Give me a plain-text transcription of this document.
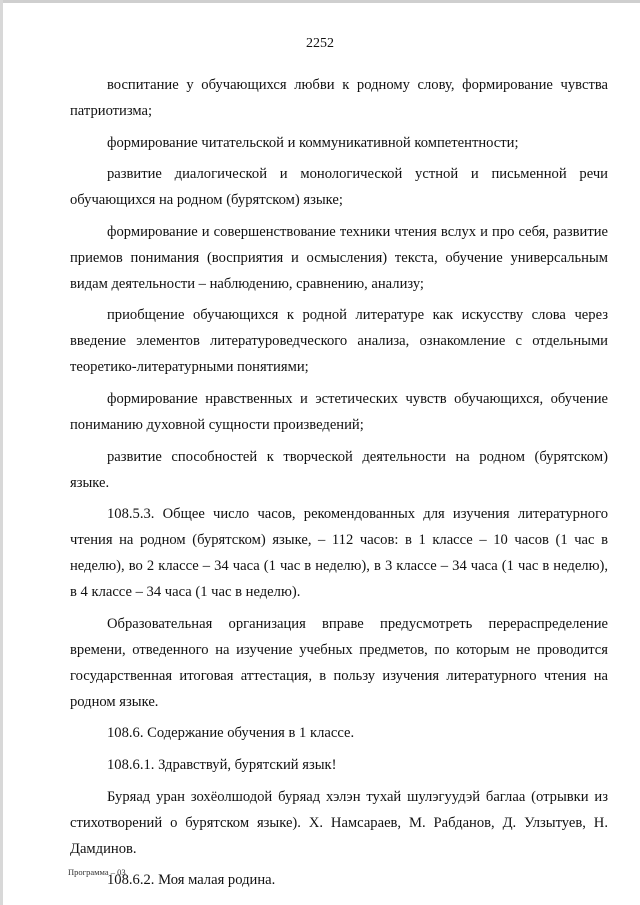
2252

воспитание у обучающихся любви к родному слову, формирование чувства патриотизма;

формирование читательской и коммуникативной компетентности;

развитие диалогической и монологической устной и письменной речи обучающихся на родном (бурятском) языке;

формирование и совершенствование техники чтения вслух и про себя, развитие приемов понимания (восприятия и осмысления) текста, обучение универсальным видам деятельности – наблюдению, сравнению, анализу;

приобщение обучающихся к родной литературе как искусству слова через введение элементов литературоведческого анализа, ознакомление с отдельными теоретико-литературными понятиями;

формирование нравственных и эстетических чувств обучающихся, обучение пониманию духовной сущности произведений;

развитие способностей к творческой деятельности на родном (бурятском) языке.

108.5.3. Общее число часов, рекомендованных для изучения литературного чтения на родном (бурятском) языке, – 112 часов: в 1 классе – 10 часов (1 час в неделю), во 2 классе – 34 часа (1 час в неделю), в 3 классе – 34 часа (1 час в неделю), в 4 классе – 34 часа (1 час в неделю).

Образовательная организация вправе предусмотреть перераспределение времени, отведенного на изучение учебных предметов, по которым не проводится государственная итоговая аттестация, в пользу изучения литературного чтения на родном языке.

108.6. Содержание обучения в 1 классе.

108.6.1. Здравствуй, бурятский язык!

Буряад уран зохёолшодой буряад хэлэн тухай шулэгуудэй баглаа (отрывки из стихотворений о бурятском языке). Х. Намсараев, М. Рабданов, Д. Улзытуев, Н. Дамдинов.

108.6.2. Моя малая родина.

Программа – 03
